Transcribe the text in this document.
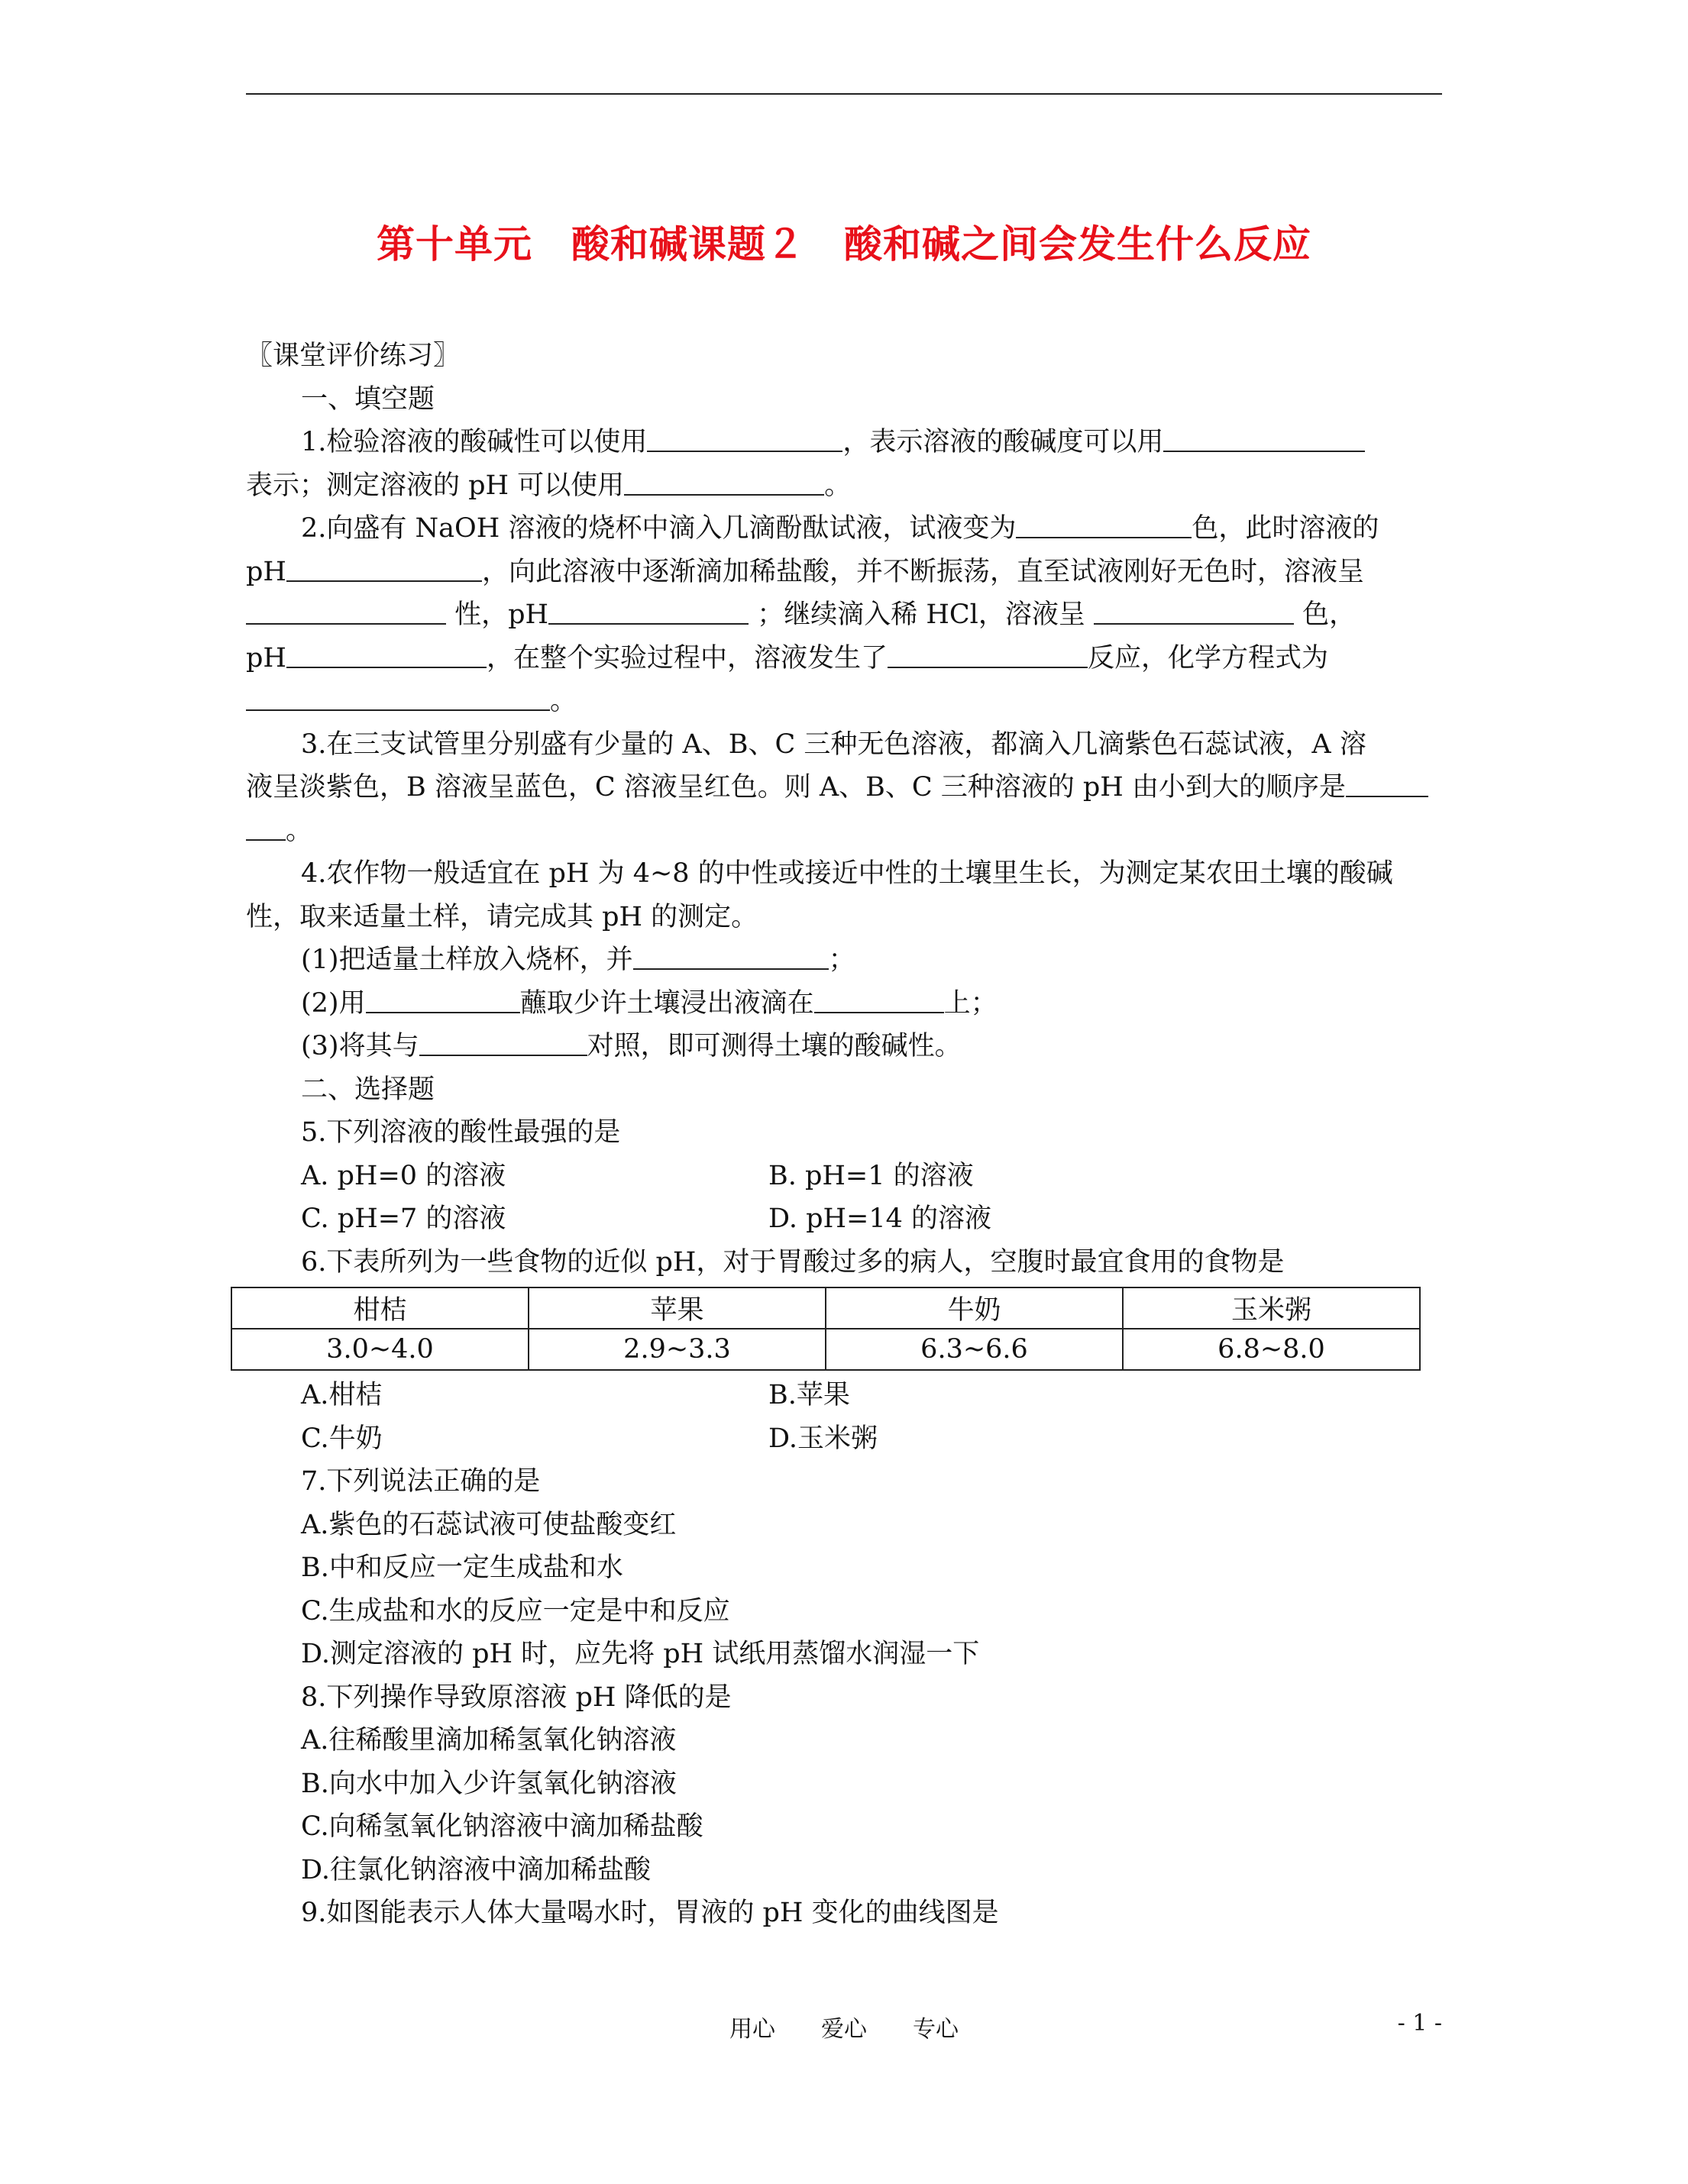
第十单元　酸和碱课题２　酸和碱之间会发生什么反应
〖课堂评价练习〗
一、填空题
1.检验溶液的酸碱性可以使用	，表示溶液的酸碱度可以用
表示；测定溶液的 pH 可以使用	。
2.向盛有 NaOH 溶液的烧杯中滴入几滴酚酞试液，试液变为	色，此时溶液的
pH	，向此溶液中逐渐滴加稀盐酸，并不断振荡，直至试液刚好无色时，溶液呈
性，pH	；继续滴入稀 HCl，溶液呈	色，
pH	，在整个实验过程中，溶液发生了	反应，化学方程式为
。
3.在三支试管里分别盛有少量的 A、B、C 三种无色溶液，都滴入几滴紫色石蕊试液，A 溶
液呈淡紫色，B 溶液呈蓝色，C 溶液呈红色。则 A、B、C 三种溶液的 pH 由小到大的顺序是
。
4.农作物一般适宜在 pH 为 4~8 的中性或接近中性的土壤里生长，为测定某农田土壤的酸碱
性，取来适量土样，请完成其 pH 的测定。
(1)把适量土样放入烧杯，并	；
(2)用	蘸取少许土壤浸出液滴在	上；
(3)将其与	对照，即可测得土壤的酸碱性。
二、选择题
5.下列溶液的酸性最强的是
A. pH=0 的溶液	B. pH=1 的溶液
C. pH=7 的溶液	D. pH=14 的溶液
6.下表所列为一些食物的近似 pH，对于胃酸过多的病人，空腹时最宜食用的食物是
柑桔	苹果	牛奶	玉米粥
3.0~4.0	2.9~3.3	6.3~6.6	6.8~8.0
A.柑桔	B.苹果
C.牛奶	D.玉米粥
7.下列说法正确的是
A.紫色的石蕊试液可使盐酸变红
B.中和反应一定生成盐和水
C.生成盐和水的反应一定是中和反应
D.测定溶液的 pH 时，应先将 pH 试纸用蒸馏水润湿一下
8.下列操作导致原溶液 pH 降低的是
A.往稀酸里滴加稀氢氧化钠溶液
B.向水中加入少许氢氧化钠溶液
C.向稀氢氧化钠溶液中滴加稀盐酸
D.往氯化钠溶液中滴加稀盐酸
9.如图能表示人体大量喝水时，胃液的 pH 变化的曲线图是
用心　　爱心　　专心	- 1 -
